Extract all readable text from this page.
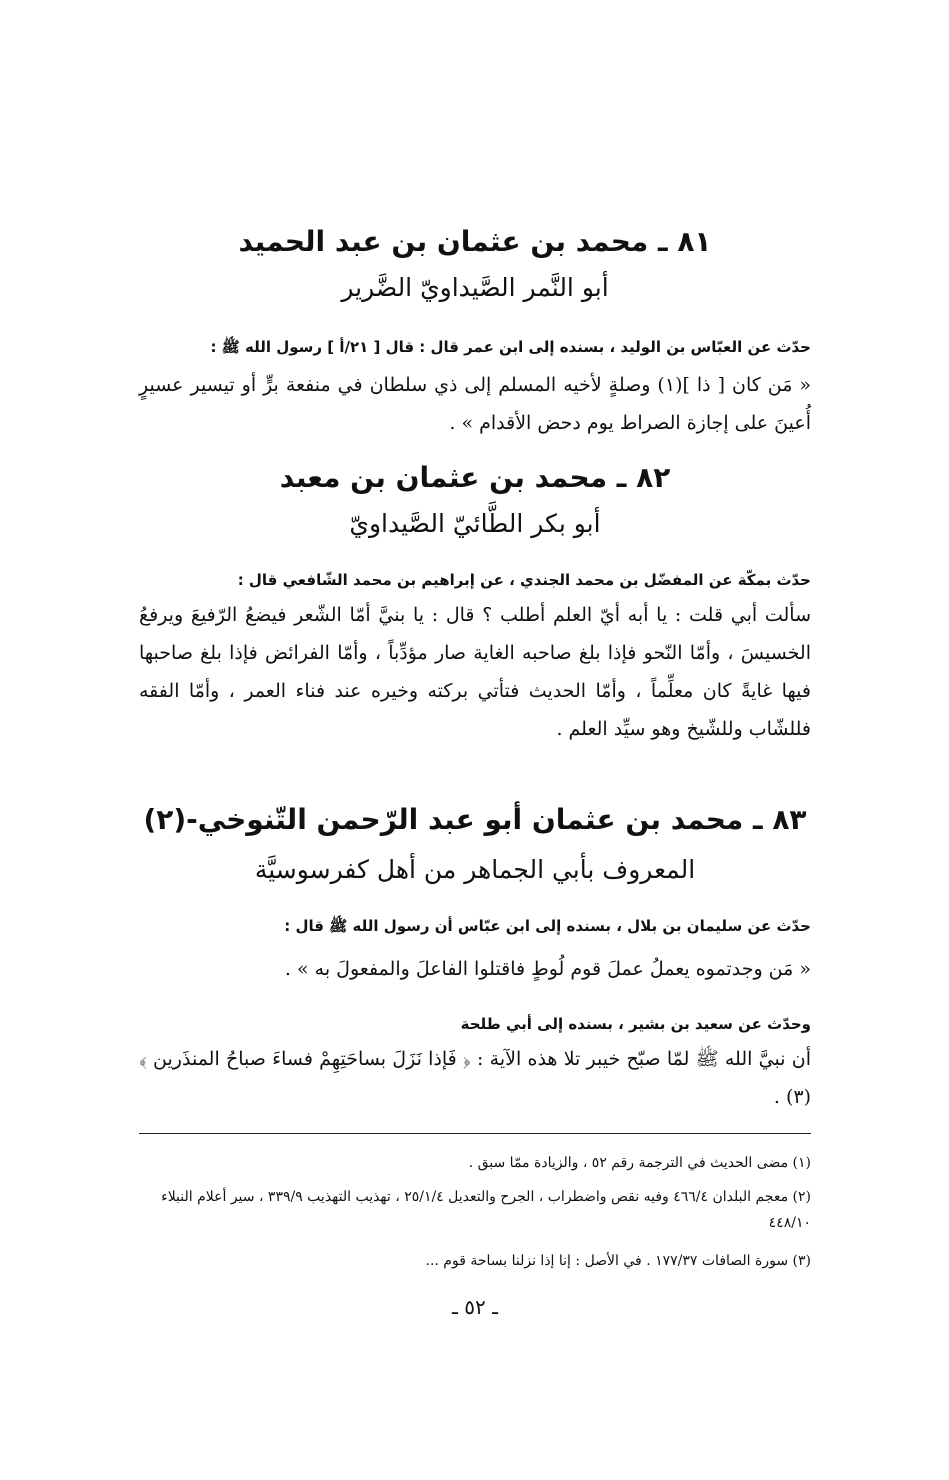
٨١ ـ محمد بن عثمان بن عبد الحميد
أبو النَّمر الصَّيداويّ الضَّرير
حدّث عن العبّاس بن الوليد ، بسنده إلى ابن عمر قال : قال [ ٢١/أ ] رسول الله ﷺ :
« مَن كان [ ذا ](١) وصلةٍ لأخيه المسلم إلى ذي سلطان في منفعة برٍّ أو تيسير عسيرٍ أُعينَ على إجازة الصراط يوم دحض الأقدام » .
٨٢ ـ محمد بن عثمان بن معبد
أبو بكر الطَّائيّ الصَّيداويّ
حدّث بمكّة عن المفضّل بن محمد الجندي ، عن إبراهيم بن محمد الشّافعي قال :
سألت أبي قلت : يا أبه أيّ العلم أطلب ؟ قال : يا بنيَّ أمّا الشّعر فيضعُ الرّفيعَ ويرفعُ الخسيسَ ، وأمّا النّحو فإذا بلغ صاحبه الغاية صار مؤدِّباً ، وأمّا الفرائض فإذا بلغ صاحبها فيها غايةً كان معلِّماً ، وأمّا الحديث فتأتي بركته وخيره عند فناء العمر ، وأمّا الفقه فللشّاب وللشّيخ وهو سيِّد العلم .
٨٣ ـ محمد بن عثمان أبو عبد الرّحمن التّنوخي-(٢)
المعروف بأبي الجماهر من أهل كفرسوسيَّة
حدّث عن سليمان بن بلال ، بسنده إلى ابن عبّاس أن رسول الله ﷺ قال :
« مَن وجدتموه يعملُ عملَ قوم لُوطٍ فاقتلوا الفاعلَ والمفعولَ به » .
وحدّث عن سعيد بن بشير ، بسنده إلى أبي طلحة
أن نبيَّ الله ﷺ لمّا صبّح خيبر تلا هذه الآية : ﴿ فَإذا نَزَلَ بساحَتِهِمْ فساءَ صباحُ المنذَرين ﴾(٣) .
(١) مضى الحديث في الترجمة رقم ٥٢ ، والزيادة ممّا سبق .
(٢) معجم البلدان ٤٦٦/٤ وفيه نقص واضطراب ، الجرح والتعديل ٢٥/١/٤ ، تهذيب التهذيب ٣٣٩/٩ ، سير أعلام النبلاء ٤٤٨/١٠
(٣) سورة الصافات ١٧٧/٣٧ . في الأصل : إنا إذا نزلنا بساحة قوم ...
ـ ٥٢ ـ
